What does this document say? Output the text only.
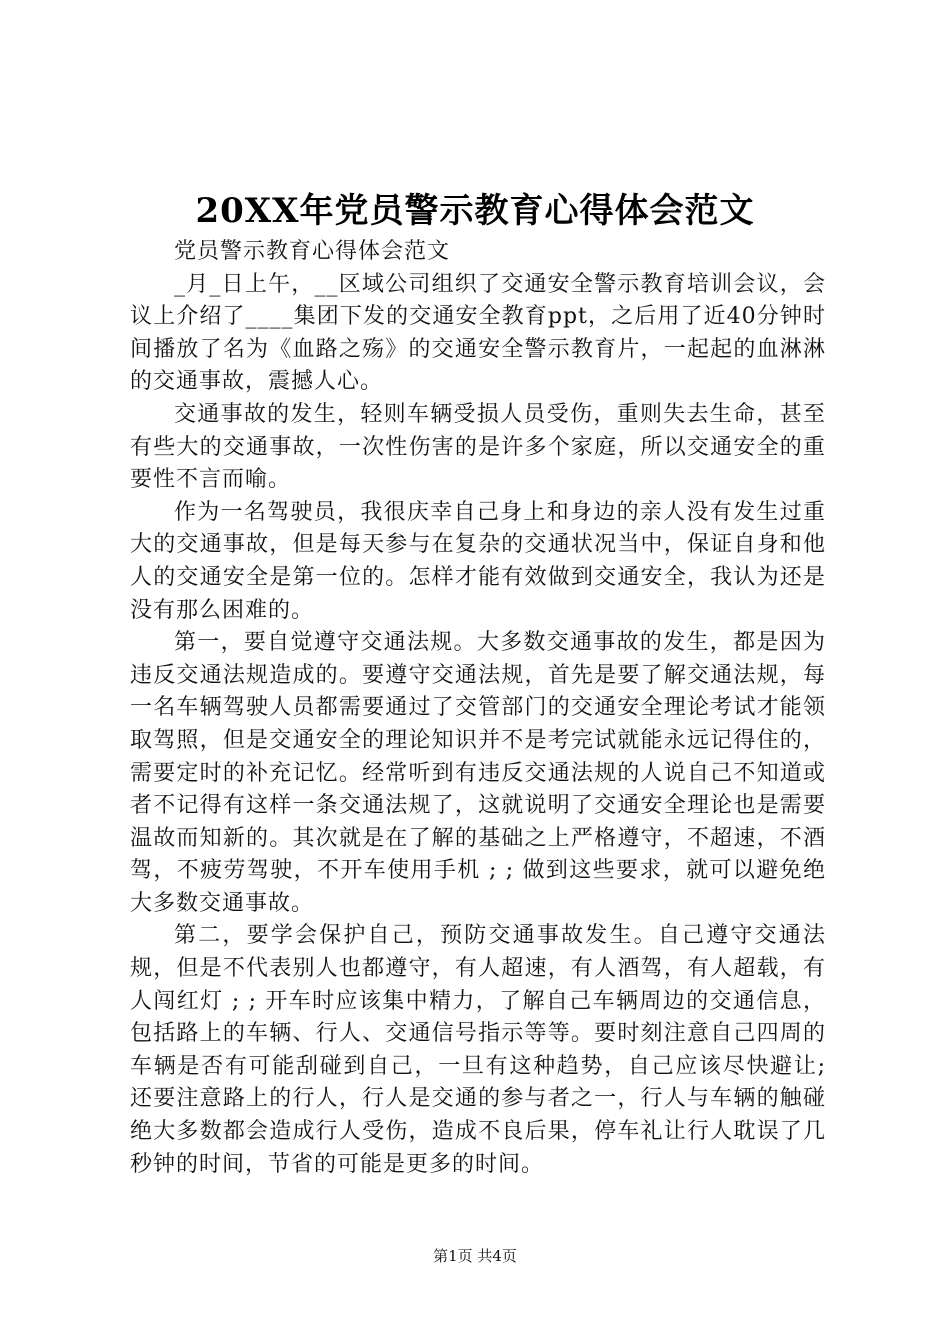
20XX年党员警示教育心得体会范文

党员警示教育心得体会范文

_月_日上午，__区域公司组织了交通安全警示教育培训会议，会议上介绍了____集团下发的交通安全教育ppt，之后用了近40分钟时间播放了名为《血路之殇》的交通安全警示教育片，一起起的血淋淋的交通事故，震撼人心。

交通事故的发生，轻则车辆受损人员受伤，重则失去生命，甚至有些大的交通事故，一次性伤害的是许多个家庭，所以交通安全的重要性不言而喻。

作为一名驾驶员，我很庆幸自己身上和身边的亲人没有发生过重大的交通事故，但是每天参与在复杂的交通状况当中，保证自身和他人的交通安全是第一位的。怎样才能有效做到交通安全，我认为还是没有那么困难的。

第一，要自觉遵守交通法规。大多数交通事故的发生，都是因为违反交通法规造成的。要遵守交通法规，首先是要了解交通法规，每一名车辆驾驶人员都需要通过了交管部门的交通安全理论考试才能领取驾照，但是交通安全的理论知识并不是考完试就能永远记得住的，需要定时的补充记忆。经常听到有违反交通法规的人说自己不知道或者不记得有这样一条交通法规了，这就说明了交通安全理论也是需要温故而知新的。其次就是在了解的基础之上严格遵守，不超速，不酒驾，不疲劳驾驶，不开车使用手机 ; ; 做到这些要求，就可以避免绝大多数交通事故。

第二，要学会保护自己，预防交通事故发生。自己遵守交通法规，但是不代表别人也都遵守，有人超速，有人酒驾，有人超载，有人闯红灯 ; ; 开车时应该集中精力，了解自己车辆周边的交通信息，包括路上的车辆、行人、交通信号指示等等。要时刻注意自己四周的车辆是否有可能刮碰到自己，一旦有这种趋势，自己应该尽快避让;还要注意路上的行人，行人是交通的参与者之一，行人与车辆的触碰绝大多数都会造成行人受伤，造成不良后果，停车礼让行人耽误了几秒钟的时间，节省的可能是更多的时间。

第1页 共4页
